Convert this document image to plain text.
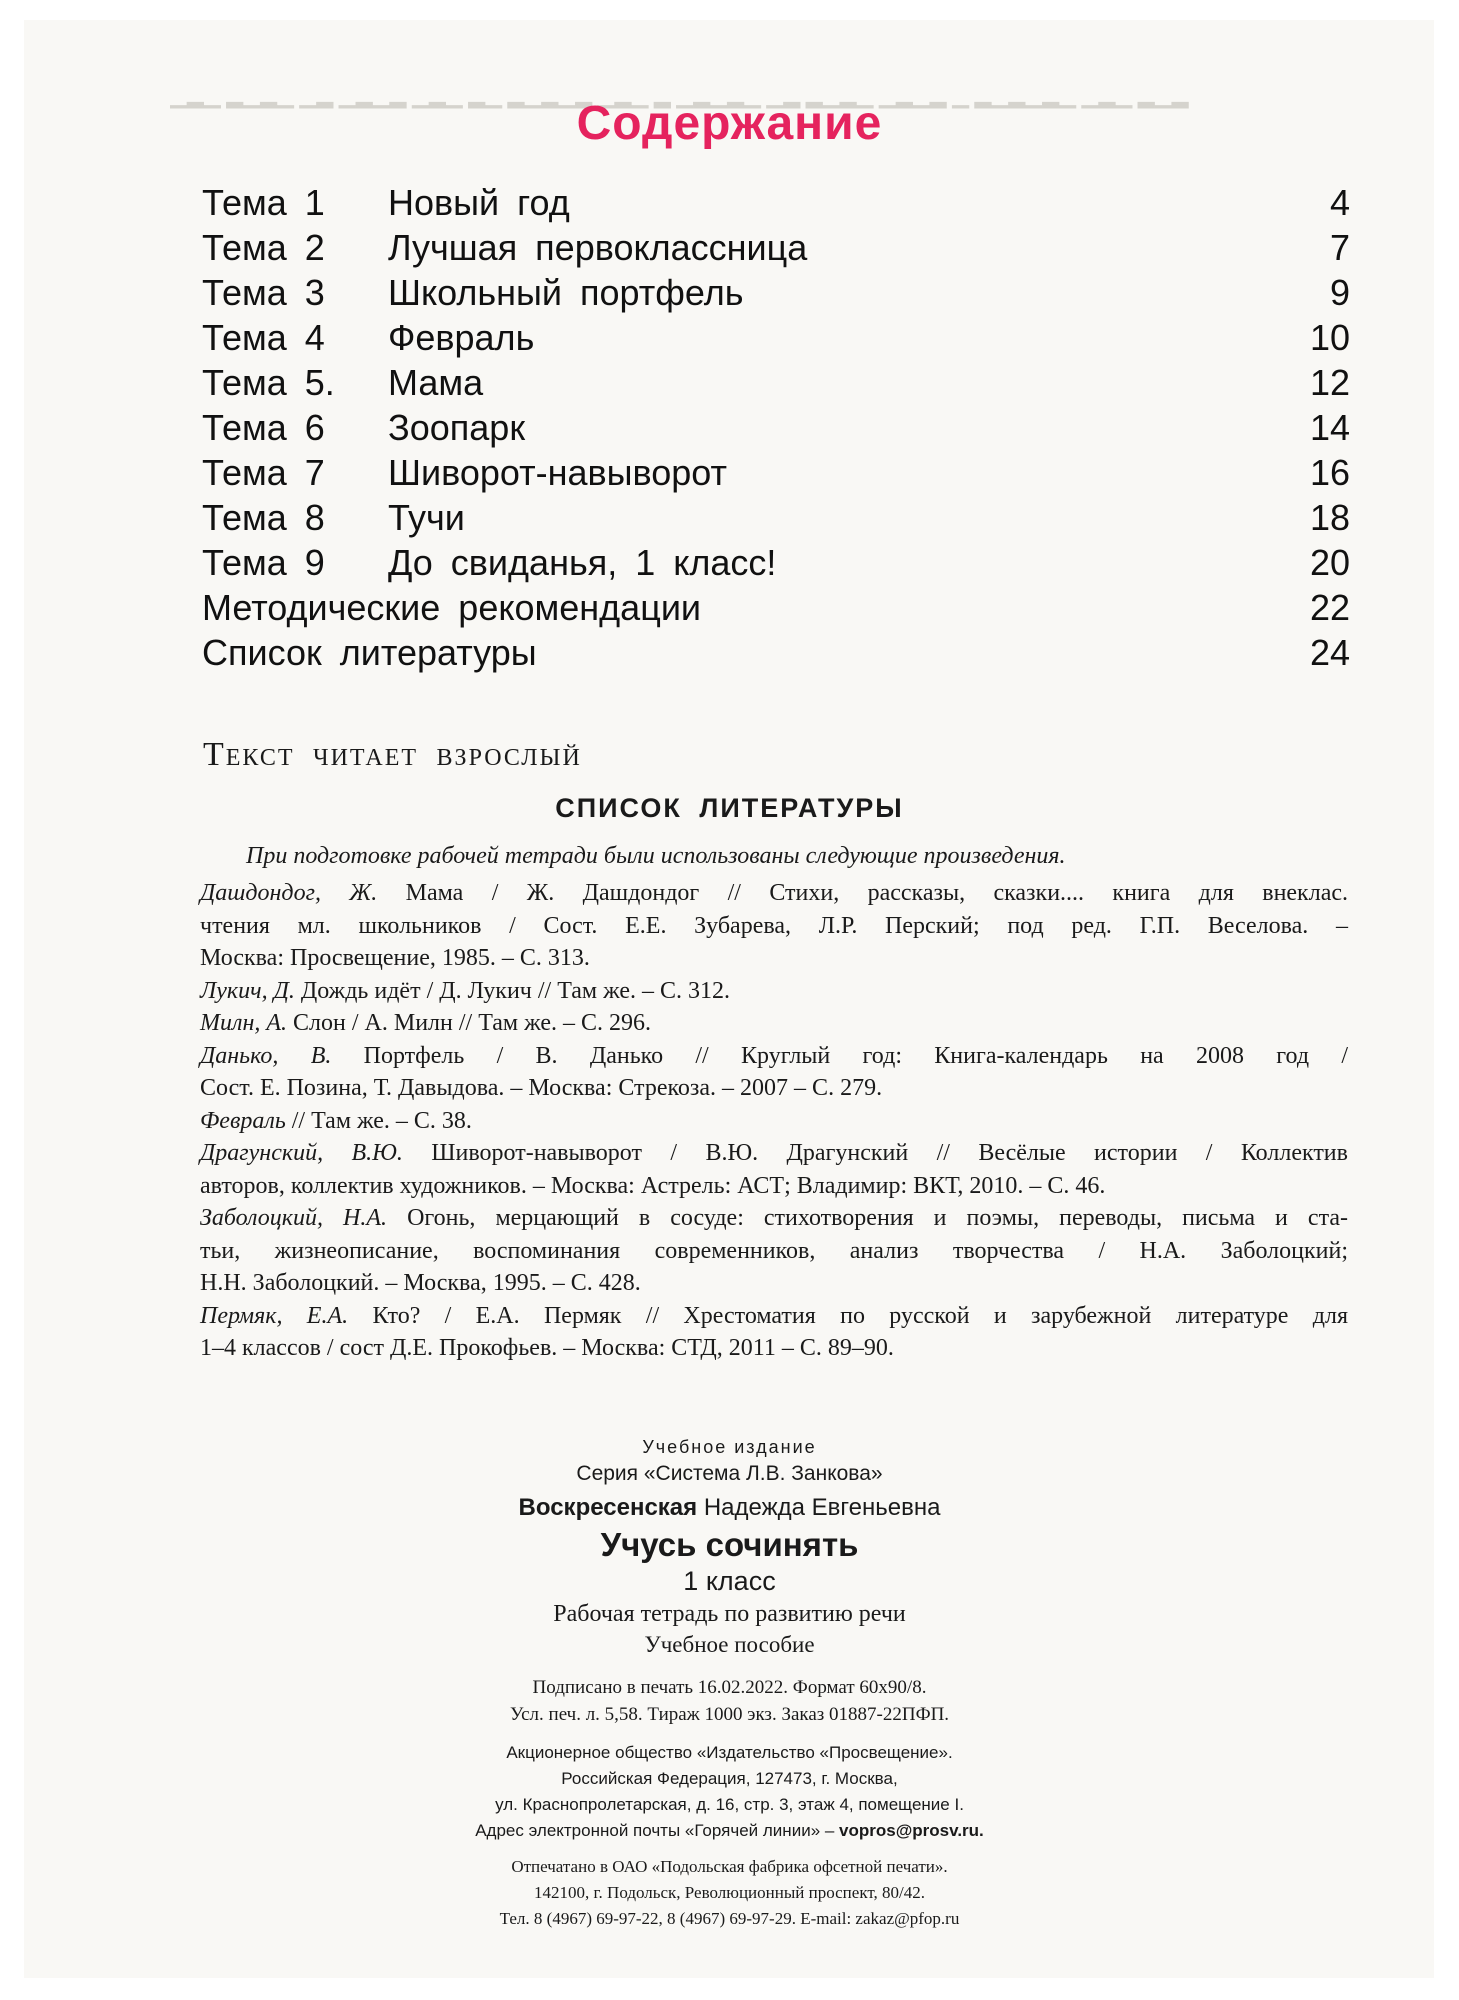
▁▂▁ ▂▁▂▁ ▁▂ ▁▂▁▂ ▁▂▁ ▂▁ ▂▁▂▁▂ ▁▂▁ ▂ ▁▂▁▂▁ ▁▂ ▂▁▂▁ ▁▂▁▂ ▁ ▂▁▂▁▂▁ ▁▂▁ ▂▁▂

Содержание
Тема 1 Новый год	4
Тема 2 Лучшая первоклассница	7
Тема 3 Школьный портфель	9
Тема 4 Февраль	10
Тема 5. Мама	12
Тема 6 Зоопарк	14
Тема 7 Шиворот-навыворот	16
Тема 8 Тучи	18
Тема 9 До свиданья, 1 класс!	20
Методические рекомендации	22
Список литературы	24
Текст читает взрослый
СПИСОК ЛИТЕРАТУРЫ
При подготовке рабочей тетради были использованы следующие произведения.

Дашдондог, Ж. Мама / Ж. Дашдондог // Стихи, рассказы, сказки.... книга для внеклас.
чтения мл. школьников / Сост. Е.Е. Зубарева, Л.Р. Перский; под ред. Г.П. Веселова. –
Москва: Просвещение, 1985. – С. 313.

Лукич, Д. Дождь идёт / Д. Лукич // Там же. – С. 312.

Милн, А. Слон / А. Милн // Там же. – С. 296.

Данько, В. Портфель / В. Данько // Круглый год: Книга-календарь на 2008 год /
Сост. Е. Позина, Т. Давыдова. – Москва: Стрекоза. – 2007 – С. 279.

Февраль // Там же. – С. 38.

Драгунский, В.Ю. Шиворот-навыворот / В.Ю. Драгунский // Весёлые истории / Коллектив
авторов, коллектив художников. – Москва: Астрель: АСТ; Владимир: ВКТ, 2010. – С. 46.

Заболоцкий, Н.А. Огонь, мерцающий в сосуде: стихотворения и поэмы, переводы, письма и ста-
тьи, жизнеописание, воспоминания современников, анализ творчества / Н.А. Заболоцкий;
Н.Н. Заболоцкий. – Москва, 1995. – С. 428.

Пермяк, Е.А. Кто? / Е.А. Пермяк // Хрестоматия по русской и зарубежной литературе для
1–4 классов / сост Д.Е. Прокофьев. – Москва: СТД, 2011 – С. 89–90.

Учебное издание
Серия «Система Л.В. Занкова»
Воскресенская Надежда Евгеньевна
Учусь сочинять
1 класс
Рабочая тетрадь по развитию речи
Учебное пособие
Подписано в печать 16.02.2022. Формат 60x90/8.
Усл. печ. л. 5,58. Тираж 1000 экз. Заказ 01887-22ПФП.
Акционерное общество «Издательство «Просвещение».
Российская Федерация, 127473, г. Москва,
ул. Краснопролетарская, д. 16, стр. 3, этаж 4, помещение I.
Адрес электронной почты «Горячей линии» – vopros@prosv.ru.
Отпечатано в ОАО «Подольская фабрика офсетной печати».
142100, г. Подольск, Революционный проспект, 80/42.
Тел. 8 (4967) 69-97-22, 8 (4967) 69-97-29. E-mail: zakaz@pfop.ru
